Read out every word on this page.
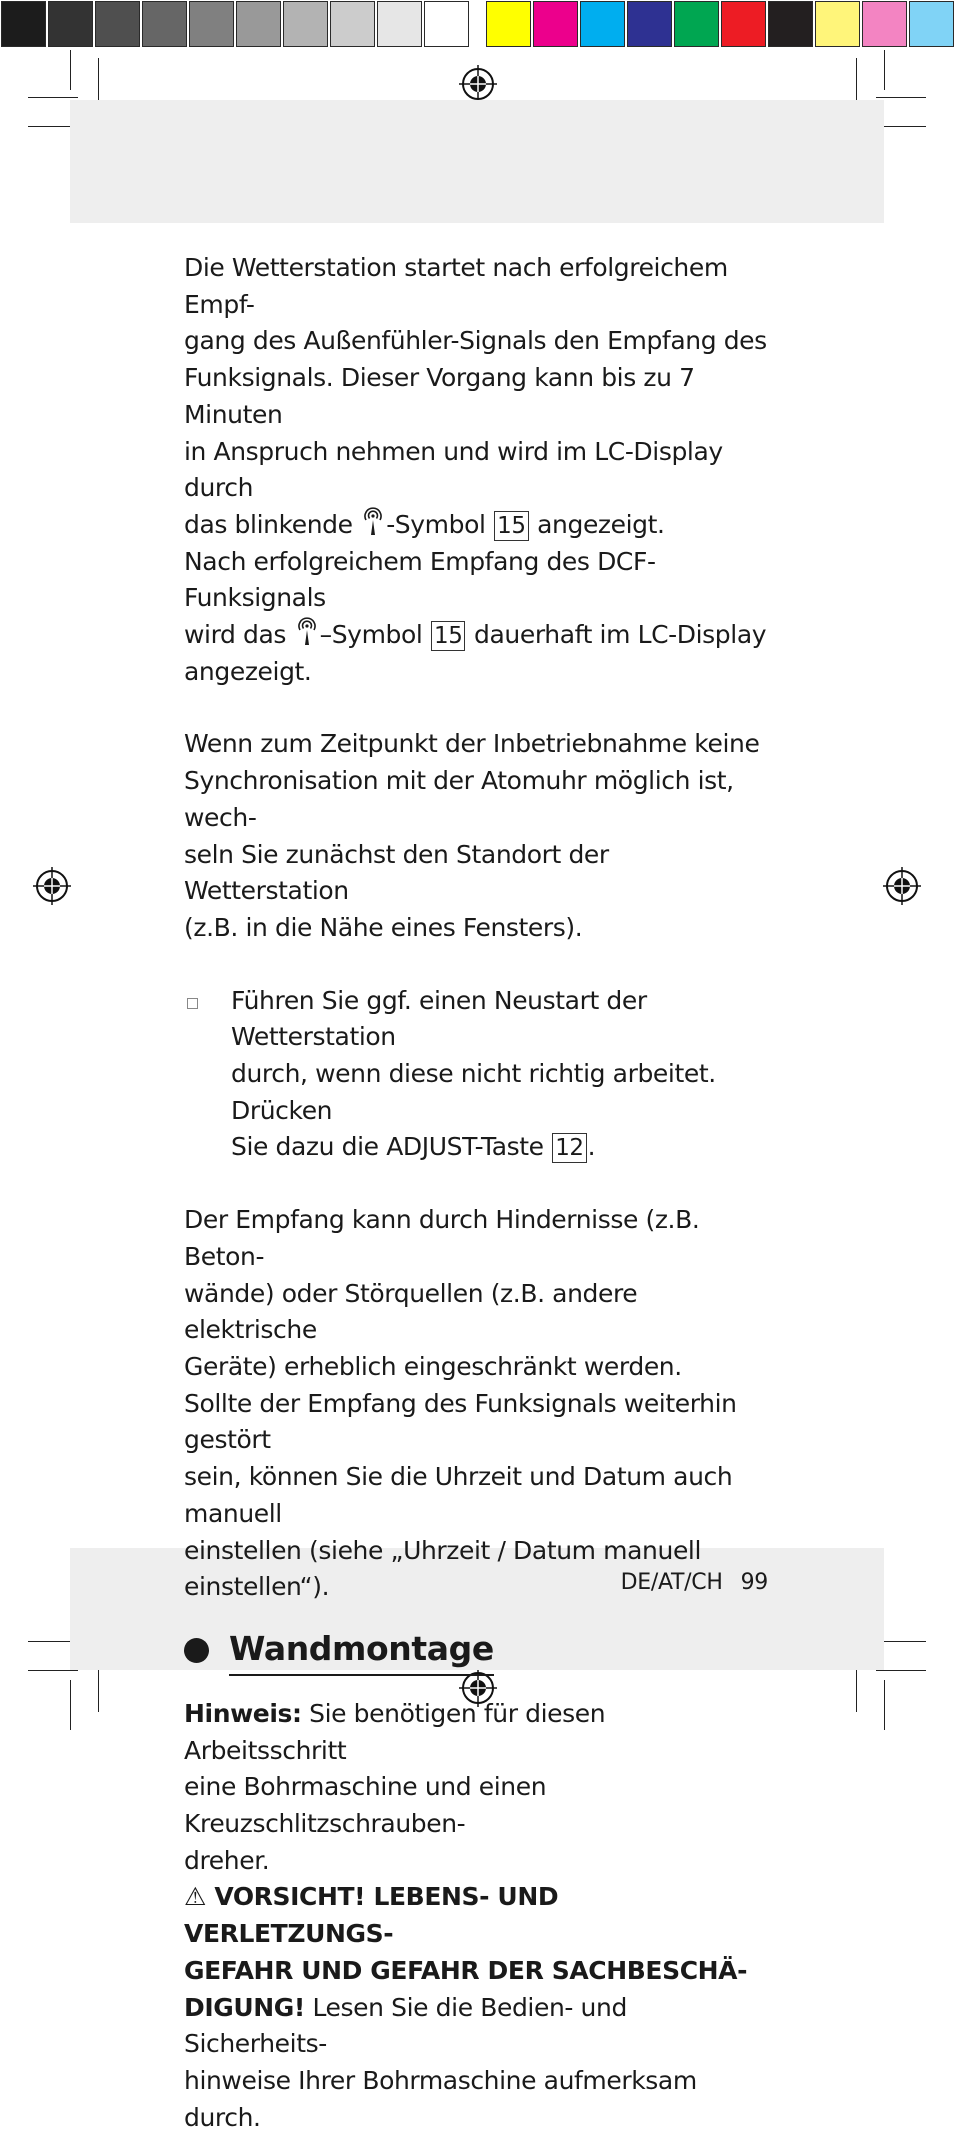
Die Wetterstation startet nach erfolgreichem Empf-

gang des Außenfühler-Signals den Empfang des

Funksignals. Dieser Vorgang kann bis zu 7 Minuten

in Anspruch nehmen und wird im LC-Display durch

das blinkende -Symbol 15 angezeigt.

Nach erfolgreichem Empfang des DCF-Funksignals

wird das –Symbol 15 dauerhaft im LC-Display

angezeigt.

Wenn zum Zeitpunkt der Inbetriebnahme keine

Synchronisation mit der Atomuhr möglich ist, wech-

seln Sie zunächst den Standort der Wetterstation

(z.B. in die Nähe eines Fensters).

Führen Sie ggf. einen Neustart der Wetterstation

durch, wenn diese nicht richtig arbeitet. Drücken

Sie dazu die ADJUST-Taste 12 .

Der Empfang kann durch Hindernisse (z.B. Beton-

wände) oder Störquellen (z.B. andere elektrische

Geräte) erheblich eingeschränkt werden.

Sollte der Empfang des Funksignals weiterhin gestört

sein, können Sie die Uhrzeit und Datum auch manuell

einstellen (siehe „Uhrzeit / Datum manuell einstellen“).

Wandmontage

Hinweis: Sie benötigen für diesen Arbeitsschritt

eine Bohrmaschine und einen Kreuzschlitzschrauben-

dreher.

⚠ VORSICHT! LEBENS- UND VERLETZUNGS-

GEFAHR UND GEFAHR DER SACHBESCHÄ-

DIGUNG! Lesen Sie die Bedien- und Sicherheits-

hinweise Ihrer Bohrmaschine aufmerksam durch.

DE/AT/CH 99
